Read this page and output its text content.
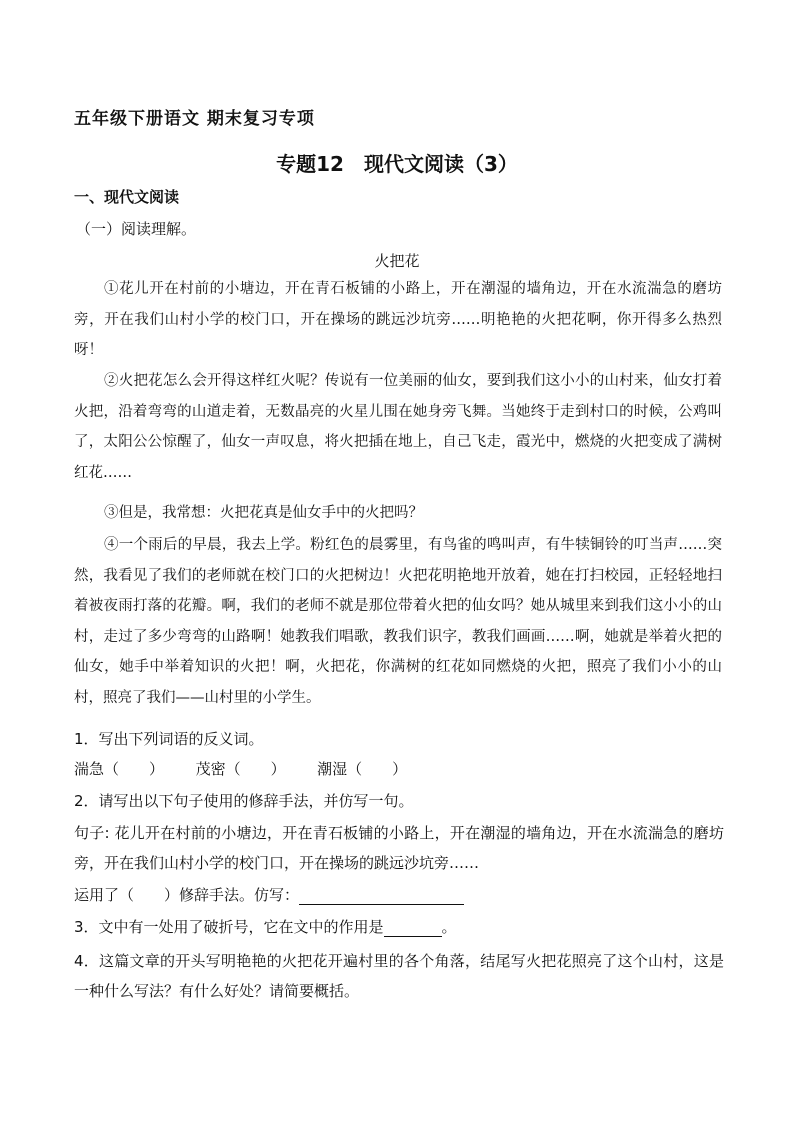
五年级下册语文 期末复习专项
专题12　现代文阅读（3）
一、现代文阅读
（一）阅读理解。
火把花
①花儿开在村前的小塘边，开在青石板铺的小路上，开在潮湿的墙角边，开在水流湍急的磨坊旁，开在我们山村小学的校门口，开在操场的跳远沙坑旁……明艳艳的火把花啊，你开得多么热烈呀！
②火把花怎么会开得这样红火呢？传说有一位美丽的仙女，要到我们这小小的山村来，仙女打着火把，沿着弯弯的山道走着，无数晶亮的火星儿围在她身旁飞舞。当她终于走到村口的时候，公鸡叫了，太阳公公惊醒了，仙女一声叹息，将火把插在地上，自己飞走，霞光中，燃烧的火把变成了满树红花……
③但是，我常想：火把花真是仙女手中的火把吗？
④一个雨后的早晨，我去上学。粉红色的晨雾里，有鸟雀的鸣叫声，有牛犊铜铃的叮当声……突然，我看见了我们的老师就在校门口的火把树边！火把花明艳地开放着，她在打扫校园，正轻轻地扫着被夜雨打落的花瓣。啊，我们的老师不就是那位带着火把的仙女吗？她从城里来到我们这小小的山村，走过了多少弯弯的山路啊！她教我们唱歌，教我们识字，教我们画画……啊，她就是举着火把的仙女，她手中举着知识的火把！啊，火把花，你满树的红花如同燃烧的火把，照亮了我们小小的山村，照亮了我们——山村里的小学生。
1．写出下列词语的反义词。
湍急（　　） 茂密（　　） 潮湿（　　）
2．请写出以下句子使用的修辞手法，并仿写一句。
句子: 花儿开在村前的小塘边，开在青石板铺的小路上，开在潮湿的墙角边，开在水流湍急的磨坊旁，开在我们山村小学的校门口，开在操场的跳远沙坑旁……
运用了（　　）修辞手法。仿写：
3．文中有一处用了破折号，它在文中的作用是	。
4．这篇文章的开头写明艳艳的火把花开遍村里的各个角落，结尾写火把花照亮了这个山村，这是一种什么写法？有什么好处？请简要概括。
